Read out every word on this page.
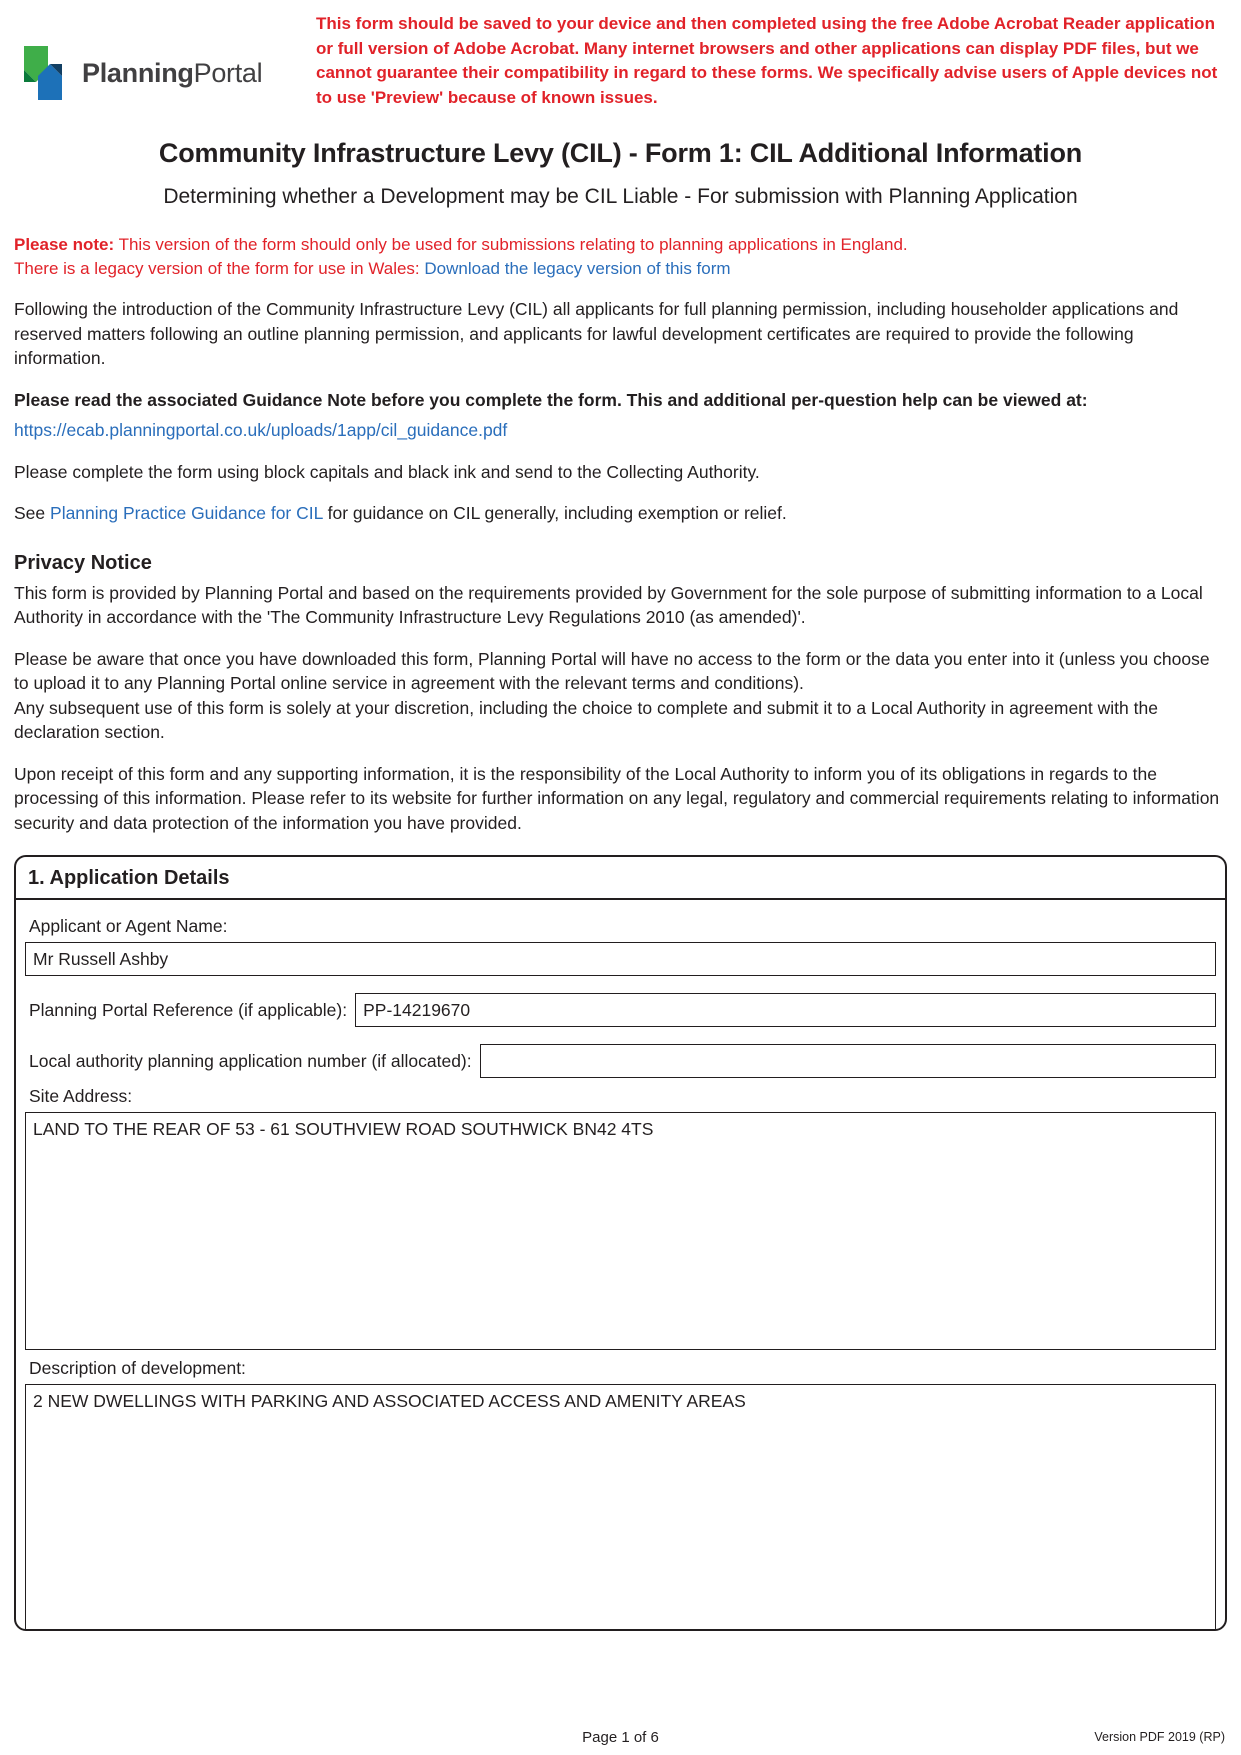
PlanningPortal
This form should be saved to your device and then completed using the free Adobe Acrobat Reader application or full version of Adobe Acrobat. Many internet browsers and other applications can display PDF files, but we cannot guarantee their compatibility in regard to these forms. We specifically advise users of Apple devices not to use 'Preview' because of known issues.
Community Infrastructure Levy (CIL) - Form 1: CIL Additional Information
Determining whether a Development may be CIL Liable - For submission with Planning Application

Please note: This version of the form should only be used for submissions relating to planning applications in England.
There is a legacy version of the form for use in Wales: Download the legacy version of this form

Following the introduction of the Community Infrastructure Levy (CIL) all applicants for full planning permission, including householder applications and reserved matters following an outline planning permission, and applicants for lawful development certificates are required to provide the following information.

Please read the associated Guidance Note before you complete the form. This and additional per-question help can be viewed at:

https://ecab.planningportal.co.uk/uploads/1app/cil_guidance.pdf

Please complete the form using block capitals and black ink and send to the Collecting Authority.

See Planning Practice Guidance for CIL for guidance on CIL generally, including exemption or relief.

Privacy Notice

This form is provided by Planning Portal and based on the requirements provided by Government for the sole purpose of submitting information to a Local Authority in accordance with the 'The Community Infrastructure Levy Regulations 2010 (as amended)'.

Please be aware that once you have downloaded this form, Planning Portal will have no access to the form or the data you enter into it (unless you choose to upload it to any Planning Portal online service in agreement with the relevant terms and conditions).
Any subsequent use of this form is solely at your discretion, including the choice to complete and submit it to a Local Authority in agreement with the declaration section.

Upon receipt of this form and any supporting information, it is the responsibility of the Local Authority to inform you of its obligations in regards to the processing of this information. Please refer to its website for further information on any legal, regulatory and commercial requirements relating to information security and data protection of the information you have provided.

1. Application Details
Applicant or Agent Name:
Mr Russell Ashby
Planning Portal Reference (if applicable):
PP-14219670
Local authority planning application number (if allocated):
Site Address:
LAND TO THE REAR OF 53 - 61 SOUTHVIEW ROAD SOUTHWICK BN42 4TS
Description of development:
2 NEW DWELLINGS WITH PARKING AND ASSOCIATED ACCESS AND AMENITY AREAS
Page 1 of 6	Version PDF 2019 (RP)
